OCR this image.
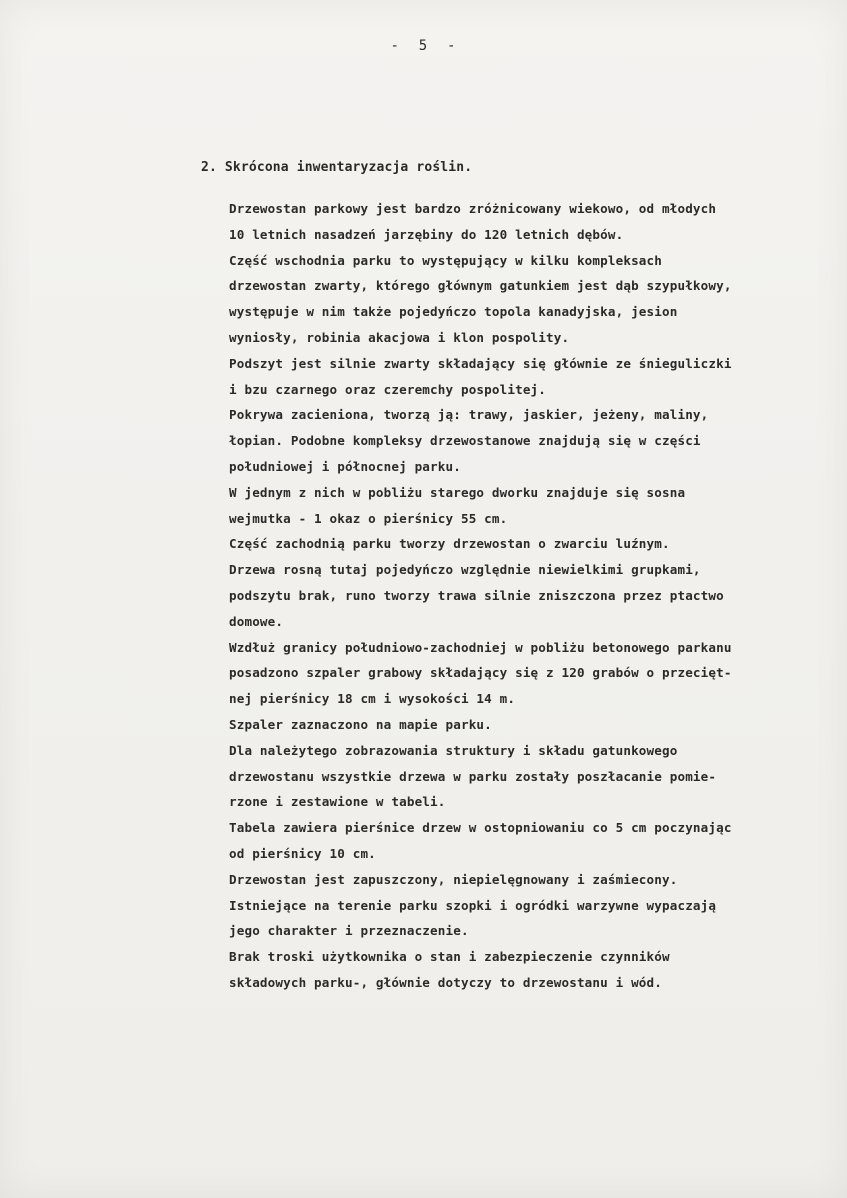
-  5  -
2. Skrócona inwentaryzacja roślin.
Drzewostan parkowy jest bardzo zróżnicowany wiekowo, od młodych
10 letnich nasadzeń jarzębiny do 120 letnich dębów.
Część wschodnia parku to występujący w kilku kompleksach
drzewostan zwarty, którego głównym gatunkiem jest dąb szypułkowy,
występuje w nim także pojedyńczo topola kanadyjska, jesion
wyniosły, robinia akacjowa i klon pospolity.
Podszyt jest silnie zwarty składający się głównie ze śnieguliczki
i bzu czarnego oraz czeremchy pospolitej.
Pokrywa zacieniona, tworzą ją: trawy, jaskier, jeżeny, maliny,
łopian. Podobne kompleksy drzewostanowe znajdują się w części
południowej i północnej parku.
W jednym z nich w pobliżu starego dworku znajduje się sosna
wejmutka - 1 okaz o pierśnicy 55 cm.
Część zachodnią parku tworzy drzewostan o zwarciu luźnym.
Drzewa rosną tutaj pojedyńczo względnie niewielkimi grupkami,
podszytu brak, runo tworzy trawa silnie zniszczona przez ptactwo
domowe.
Wzdłuż granicy południowo-zachodniej w pobliżu betonowego parkanu
posadzono szpaler grabowy składający się z 120 grabów o przecięt-
nej pierśnicy 18 cm i wysokości 14 m.
Szpaler zaznaczono na mapie parku.
Dla należytego zobrazowania struktury i składu gatunkowego
drzewostanu wszystkie drzewa w parku zostały poszłacanie pomie-
rzone i zestawione w tabeli.
Tabela zawiera pierśnice drzew w ostopniowaniu co 5 cm poczynając
od pierśnicy 10 cm.
Drzewostan jest zapuszczony, niepielęgnowany i zaśmiecony.
Istniejące na terenie parku szopki i ogródki warzywne wypaczają
jego charakter i przeznaczenie.
Brak troski użytkownika o stan i zabezpieczenie czynników
składowych parku-, głównie dotyczy to drzewostanu i wód.
